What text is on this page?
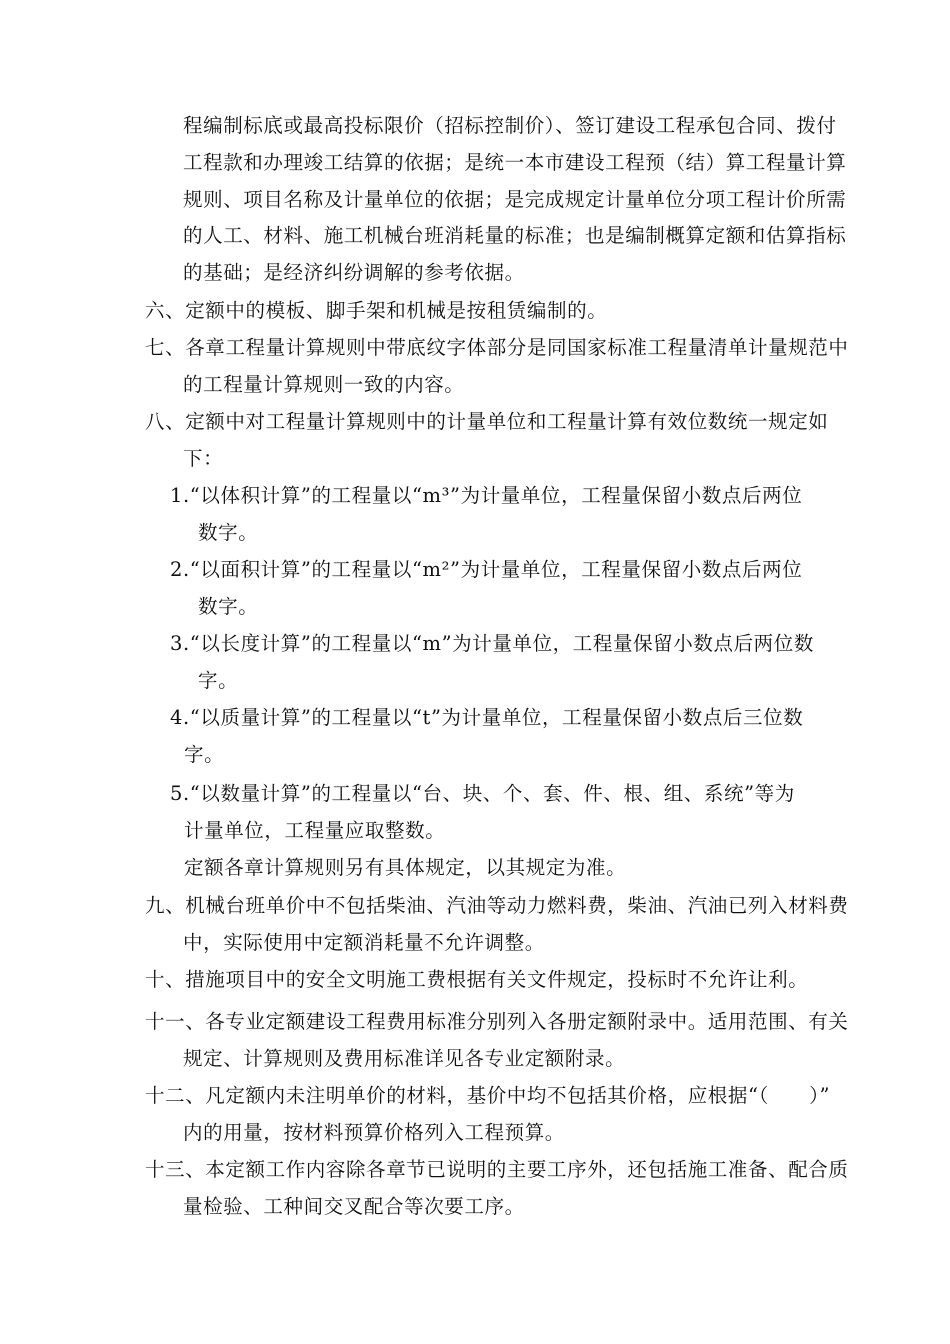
程编制标底或最高投标限价（招标控制价）、签订建设工程承包合同、拨付
工程款和办理竣工结算的依据；是统一本市建设工程预（结）算工程量计算
规则、项目名称及计量单位的依据；是完成规定计量单位分项工程计价所需
的人工、材料、施工机械台班消耗量的标准；也是编制概算定额和估算指标
的基础；是经济纠纷调解的参考依据。
六、定额中的模板、脚手架和机械是按租赁编制的。
七、各章工程量计算规则中带底纹字体部分是同国家标准工程量清单计量规范中
的工程量计算规则一致的内容。
八、定额中对工程量计算规则中的计量单位和工程量计算有效位数统一规定如
下：
1.“以体积计算”的工程量以“m³”为计量单位，工程量保留小数点后两位
数字。
2.“以面积计算”的工程量以“m²”为计量单位，工程量保留小数点后两位
数字。
3.“以长度计算”的工程量以“m”为计量单位，工程量保留小数点后两位数
字。
4.“以质量计算”的工程量以“t”为计量单位，工程量保留小数点后三位数
字。
5.“以数量计算”的工程量以“台、块、个、套、件、根、组、系统”等为
计量单位，工程量应取整数。
定额各章计算规则另有具体规定，以其规定为准。
九、机械台班单价中不包括柴油、汽油等动力燃料费，柴油、汽油已列入材料费
中，实际使用中定额消耗量不允许调整。
十、措施项目中的安全文明施工费根据有关文件规定，投标时不允许让利。
十一、各专业定额建设工程费用标准分别列入各册定额附录中。适用范围、有关
规定、计算规则及费用标准详见各专业定额附录。
十二、凡定额内未注明单价的材料，基价中均不包括其价格，应根据“（　　）”
内的用量，按材料预算价格列入工程预算。
十三、本定额工作内容除各章节已说明的主要工序外，还包括施工准备、配合质
量检验、工种间交叉配合等次要工序。
